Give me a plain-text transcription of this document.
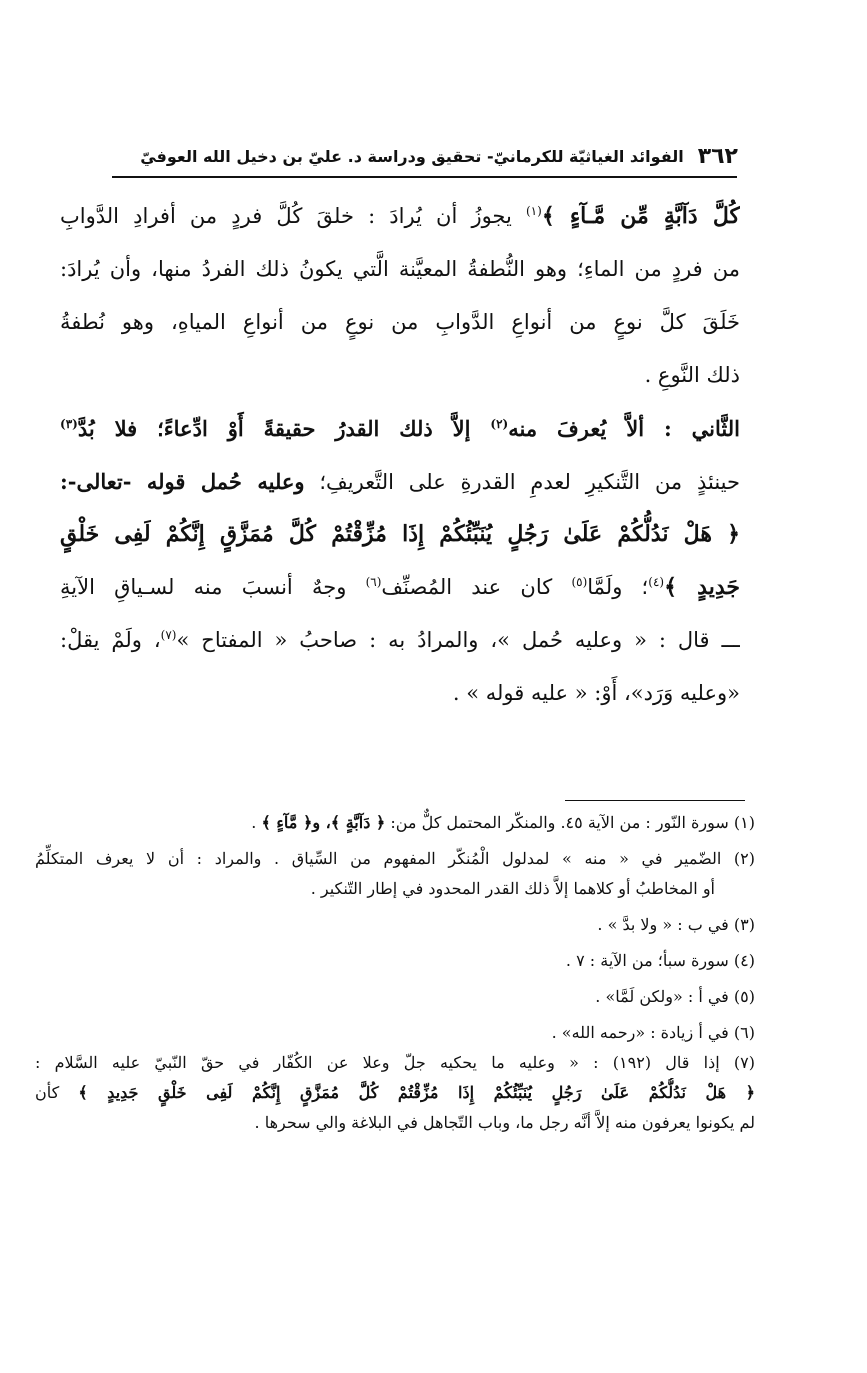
٣٦٢
الفوائد الغياثيّة للكرمانيّ- تحقيق ودراسة د. عليّ بن دخيل الله العوفيّ
كُلَّ دَآبَّةٍ مِّن مَّـآءٍ ﴾$^{(١)}$ يجوزُ أن يُرادَ : خلقَ كُلَّ فردٍ من أفرادِ الدَّوابِ
من فردٍ من الماءِ؛ وهو النُّطفةُ المعيَّنة الَّتي يكونُ ذلك الفردُ منها، وأن يُرادَ:
خَلَقَ كلَّ نوعٍ من أنواعِ الدَّوابِ من نوعٍ من أنواعِ المياهِ، وهو نُطفةُ
ذلك النَّوعِ .
الثَّاني : ألاَّ يُعرفَ منه$^{(٢)}$ إلاَّ ذلك القدرُ حقيقةً أَوْ ادِّعاءً؛ فلا بُدَّ$^{(٣)}$
حينئذٍ من التَّنكيرِ لعدمِ القدرةِ على التَّعريفِ؛ وعليه حُمل قوله -تعالى-:
﴿ هَلْ نَدُلُّكُمْ عَلَىٰ رَجُلٍ يُنَبِّئُكُمْ إِذَا مُزِّقْتُمْ كُلَّ مُمَزَّقٍ إِنَّكُمْ لَفِى خَلْقٍ
جَدِيدٍ ﴾$^{(٤)}$؛ ولَمَّا$^{(٥)}$ كان عند المُصنِّف$^{(٦)}$ وجهٌ أنسبَ منه لسـياقِ الآيةِ
ـــ قال : « وعليه حُمل »، والمرادُ به : صاحبُ « المفتاح »$^{(٧)}$، ولَمْ يقلْ:
«وعليه وَرَد»، أَوْ: « عليه قوله » .
(١) سورة النّور : من الآية ٤٥. والمنكّر المحتمل كلٌّ من: ﴿ دَآبَّةٍ ﴾، و﴿ مَّآءٍ ﴾ .
(٢) الضّمير في « منه » لمدلول الْمُنكّر المفهوم من السِّياق . والمراد : أن لا يعرف المتكلِّمُ
أو المخاطبُ أو كلاهما إلاَّ ذلك القدر المحدود في إطار التّنكير .
(٣) في ب : « ولا بدَّ » .
(٤) سورة سبأ؛ من الآية : ٧ .
(٥) في أ : «ولكن لَمَّا» .
(٦) في أ زيادة : «رحمه الله» .
(٧) إذا قال (١٩٢) : « وعليه ما يحكيه جلّ وعلا عن الكُفّار في حقّ النّبيّ عليه السَّلام :
﴿ هَلْ نَدُلُّكُمْ عَلَىٰ رَجُلٍ يُنَبِّئُكُمْ إِذَا مُزِّقْتُمْ كُلَّ مُمَزَّقٍ إِنَّكُمْ لَفِى خَلْقٍ جَدِيدٍ ﴾ كأن
لم يكونوا يعرفون منه إلاَّ أنَّه رجل ما، وباب التّجاهل في البلاغة والي سحرها .
